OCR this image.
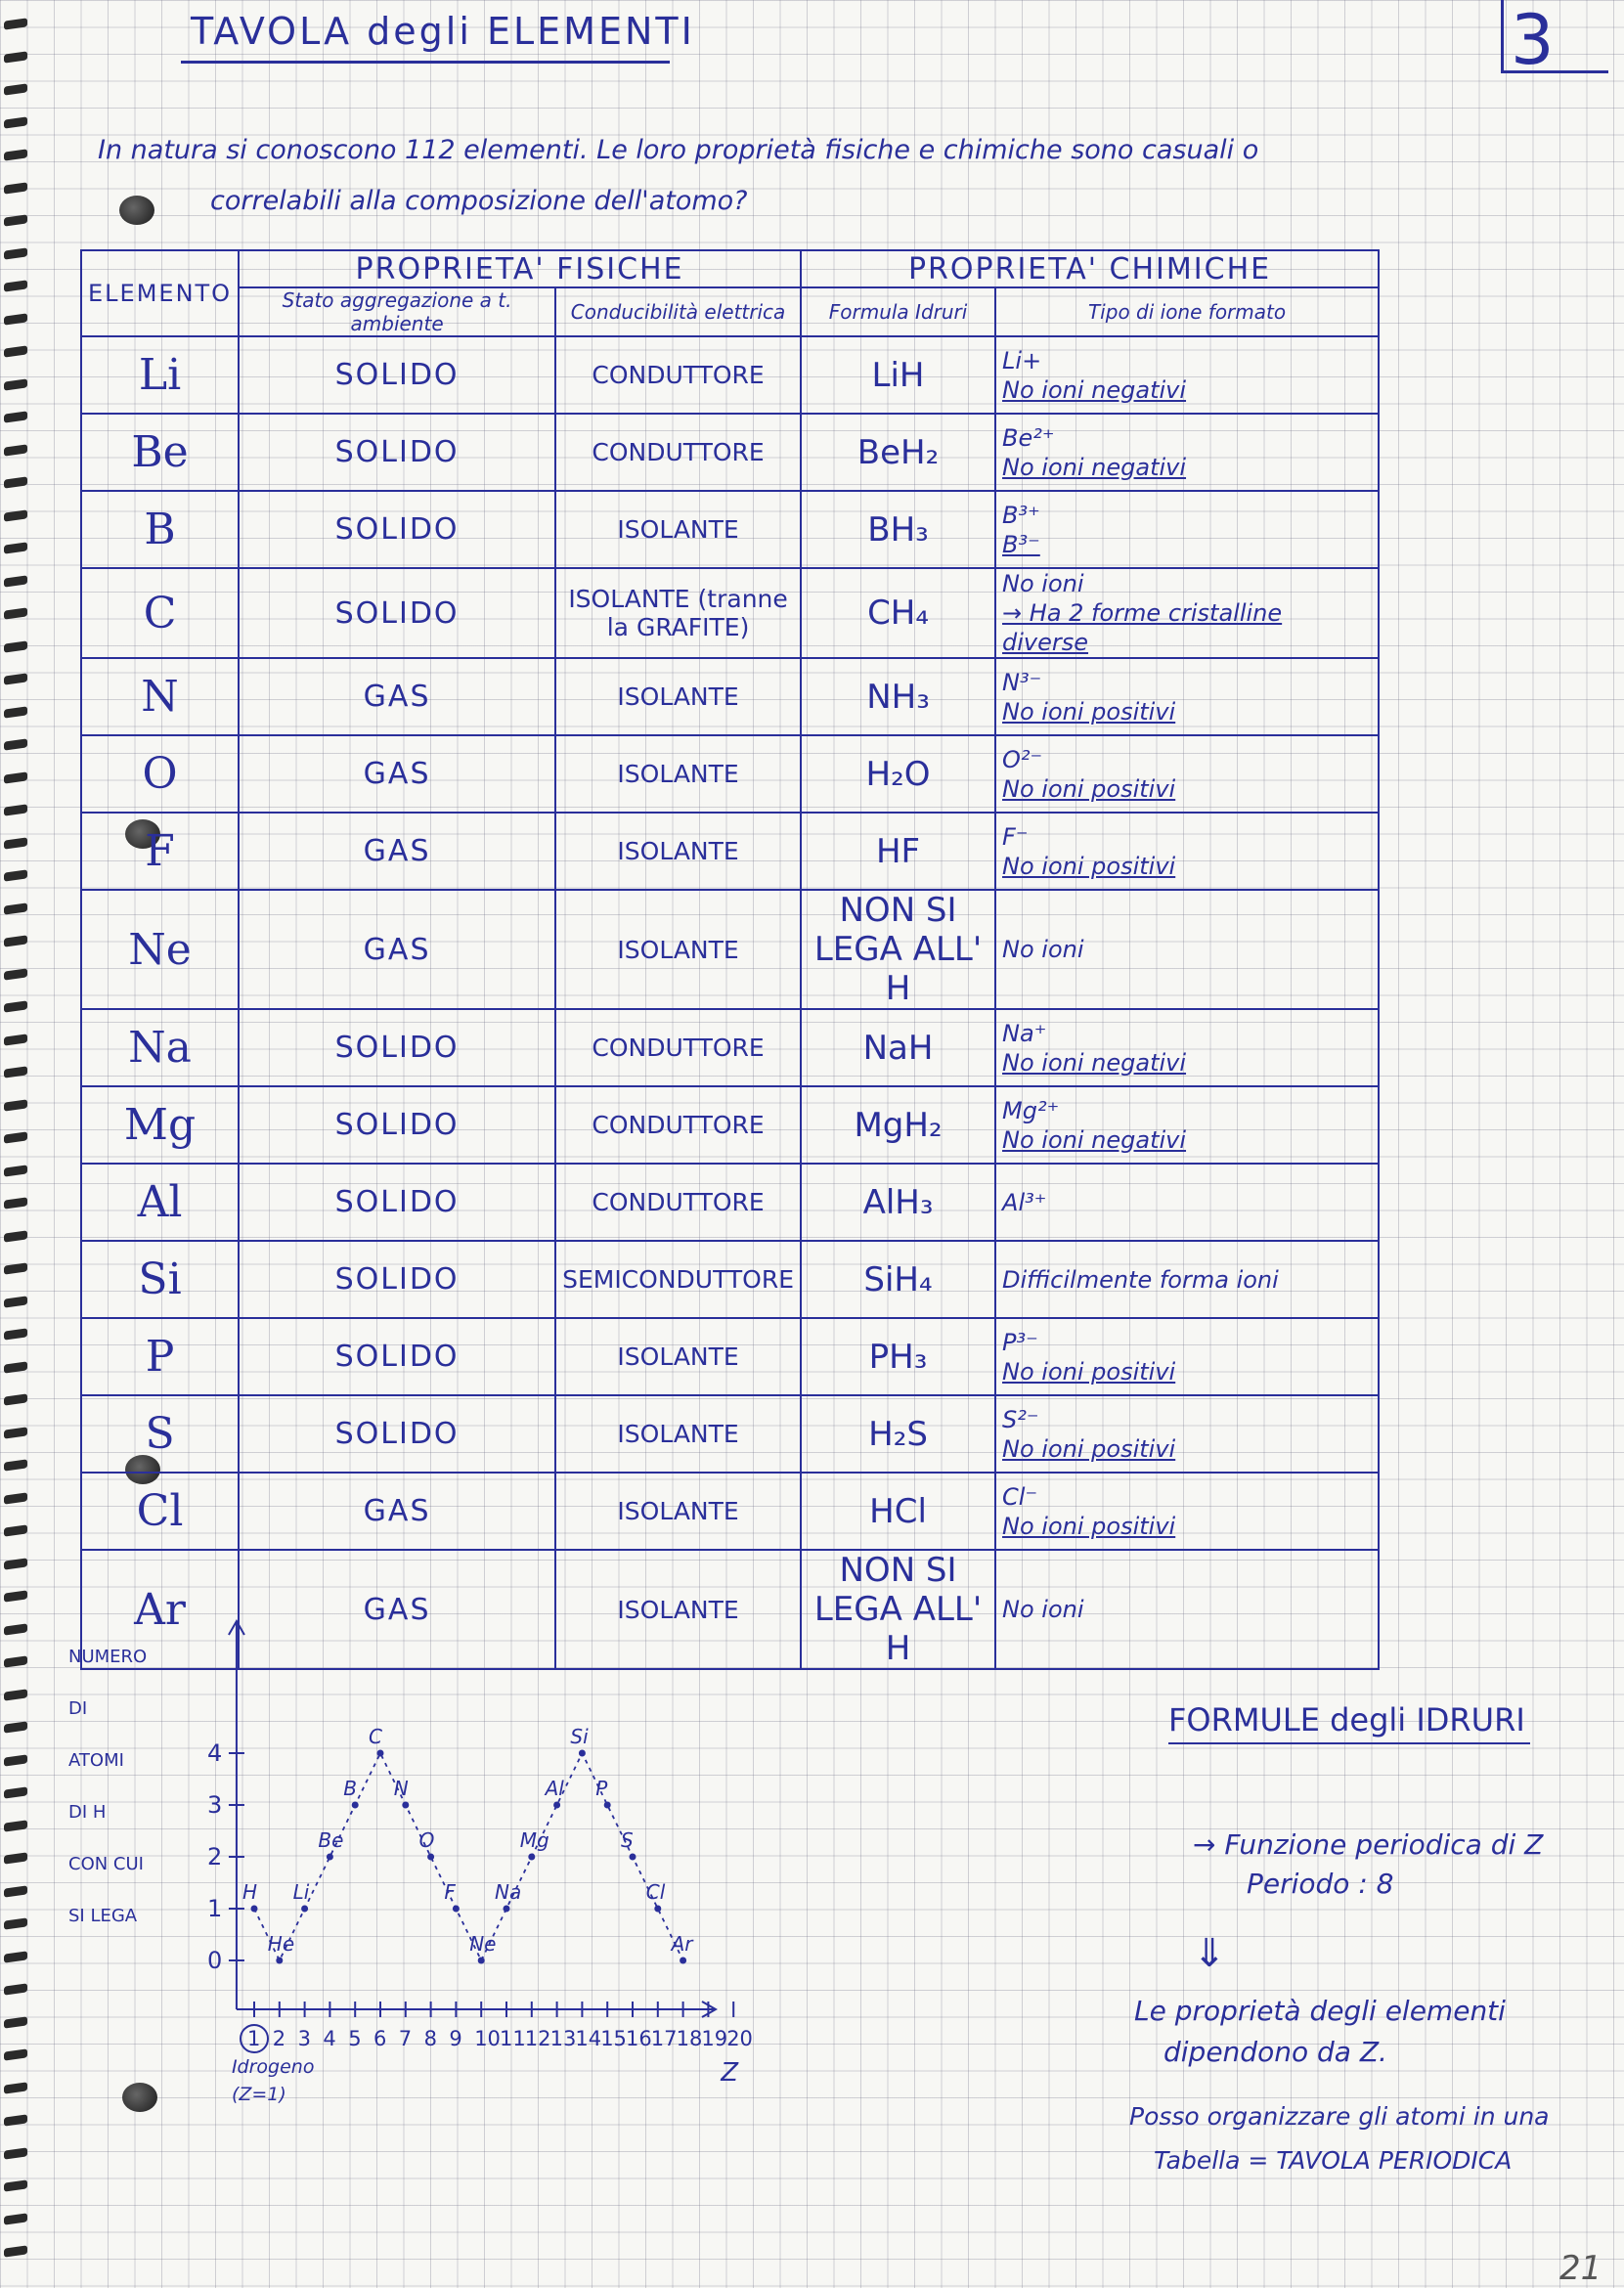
TAVOLA degli ELEMENTI	3
In natura si conoscono 112 elementi. Le loro proprietà fisiche e chimiche sono casuali o
correlabili alla composizione dell'atomo?
ELEMENTO	PROPRIETA' FISICHE		PROPRIETA' CHIMICHE	
	Stato aggregazione a t. ambiente	Conducibilità elettrica	Formula Idruri	Tipo di ione formato
Li	SOLIDO	CONDUTTORE	LiH	Li+
No ioni negativi

Be	SOLIDO	CONDUTTORE	BeH₂	Be²⁺
No ioni negativi

B	SOLIDO	ISOLANTE	BH₃	B³⁺
B³⁻

C	SOLIDO	ISOLANTE (tranne la GRAFITE)	CH₄	No ioni
→ Ha 2 forme cristalline diverse

N	GAS	ISOLANTE	NH₃	N³⁻
No ioni positivi

O	GAS	ISOLANTE	H₂O	O²⁻
No ioni positivi

F	GAS	ISOLANTE	HF	F⁻
No ioni positivi

Ne	GAS	ISOLANTE	NON SI LEGA ALL' H	No ioni

Na	SOLIDO	CONDUTTORE	NaH	Na⁺
No ioni negativi

Mg	SOLIDO	CONDUTTORE	MgH₂	Mg²⁺
No ioni negativi

Al	SOLIDO	CONDUTTORE	AlH₃	Al³⁺

Si	SOLIDO	SEMICONDUTTORE	SiH₄	Difficilmente forma ioni

P	SOLIDO	ISOLANTE	PH₃	P³⁻
No ioni positivi

S	SOLIDO	ISOLANTE	H₂S	S²⁻
No ioni positivi

Cl	GAS	ISOLANTE	HCl	Cl⁻
No ioni positivi

Ar	GAS	ISOLANTE	NON SI LEGA ALL' H	No ioni
0
1
2
3
4
1 2 3 4 5 6 7 8 9 10 11 12 13 14 15 16 17 18 19 20
H
He
Li
Be
B
C
N
O
F
Ne
Na
Mg
Al
Si
P
S
Cl
Ar
NUMERO
DI
ATOMI
DI H
CON CUI
SI LEGA
Z
Idrogeno
(Z=1)
FORMULE degli IDRURI
→ Funzione periodica di Z
Periodo : 8
⇓
Le proprietà degli elementi
dipendono da Z.
Posso organizzare gli atomi in una
Tabella = TAVOLA PERIODICA
21
